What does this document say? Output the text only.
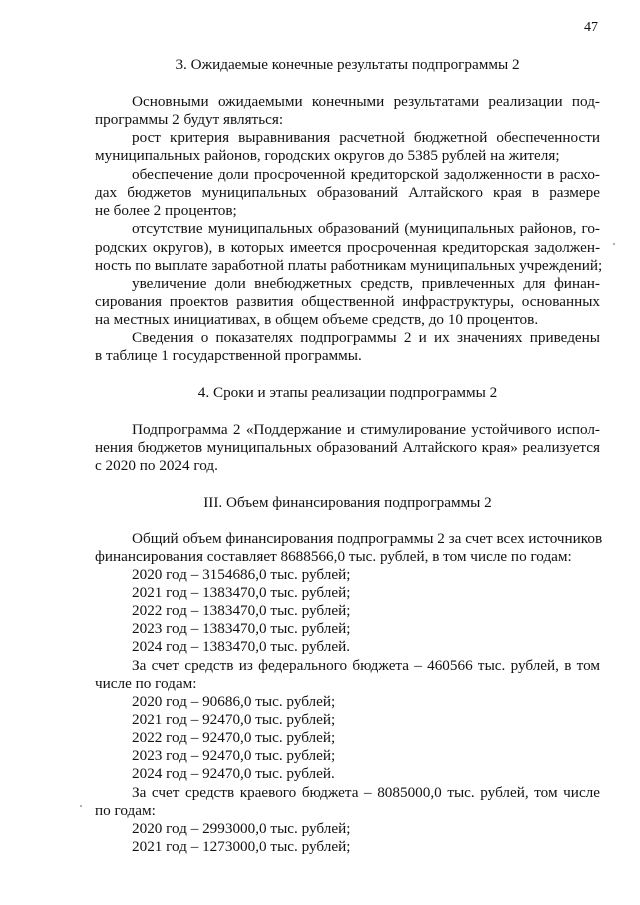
47
3. Ожидаемые конечные результаты подпрограммы 2
Основными ожидаемыми конечными результатами реализации под-
программы 2 будут являться:
рост критерия выравнивания расчетной бюджетной обеспеченности
муниципальных районов, городских округов до 5385 рублей на жителя;
обеспечение доли просроченной кредиторской задолженности в расхо-
дах бюджетов муниципальных образований Алтайского края в размере
не более 2 процентов;
отсутствие муниципальных образований (муниципальных районов, го-
родских округов), в которых имеется просроченная кредиторская задолжен-
ность по выплате заработной платы работникам муниципальных учреждений;
увеличение доли внебюджетных средств, привлеченных для финан-
сирования проектов развития общественной инфраструктуры, основанных
на местных инициативах, в общем объеме средств, до 10 процентов.
Сведения о показателях подпрограммы 2 и их значениях приведены
в таблице 1 государственной программы.
4. Сроки и этапы реализации подпрограммы 2
Подпрограмма 2 «Поддержание и стимулирование устойчивого испол-
нения бюджетов муниципальных образований Алтайского края» реализуется
с 2020 по 2024 год.
III. Объем финансирования подпрограммы 2
Общий объем финансирования подпрограммы 2 за счет всех источников
финансирования составляет 8688566,0 тыс. рублей, в том числе по годам:
2020 год – 3154686,0 тыс. рублей;
2021 год – 1383470,0 тыс. рублей;
2022 год – 1383470,0 тыс. рублей;
2023 год – 1383470,0 тыс. рублей;
2024 год – 1383470,0 тыс. рублей.
За счет средств из федерального бюджета – 460566 тыс. рублей, в том
числе по годам:
2020 год – 90686,0 тыс. рублей;
2021 год – 92470,0 тыс. рублей;
2022 год – 92470,0 тыс. рублей;
2023 год – 92470,0 тыс. рублей;
2024 год – 92470,0 тыс. рублей.
За счет средств краевого бюджета – 8085000,0 тыс. рублей, том числе
по годам:
2020 год – 2993000,0 тыс. рублей;
2021 год – 1273000,0 тыс. рублей;
